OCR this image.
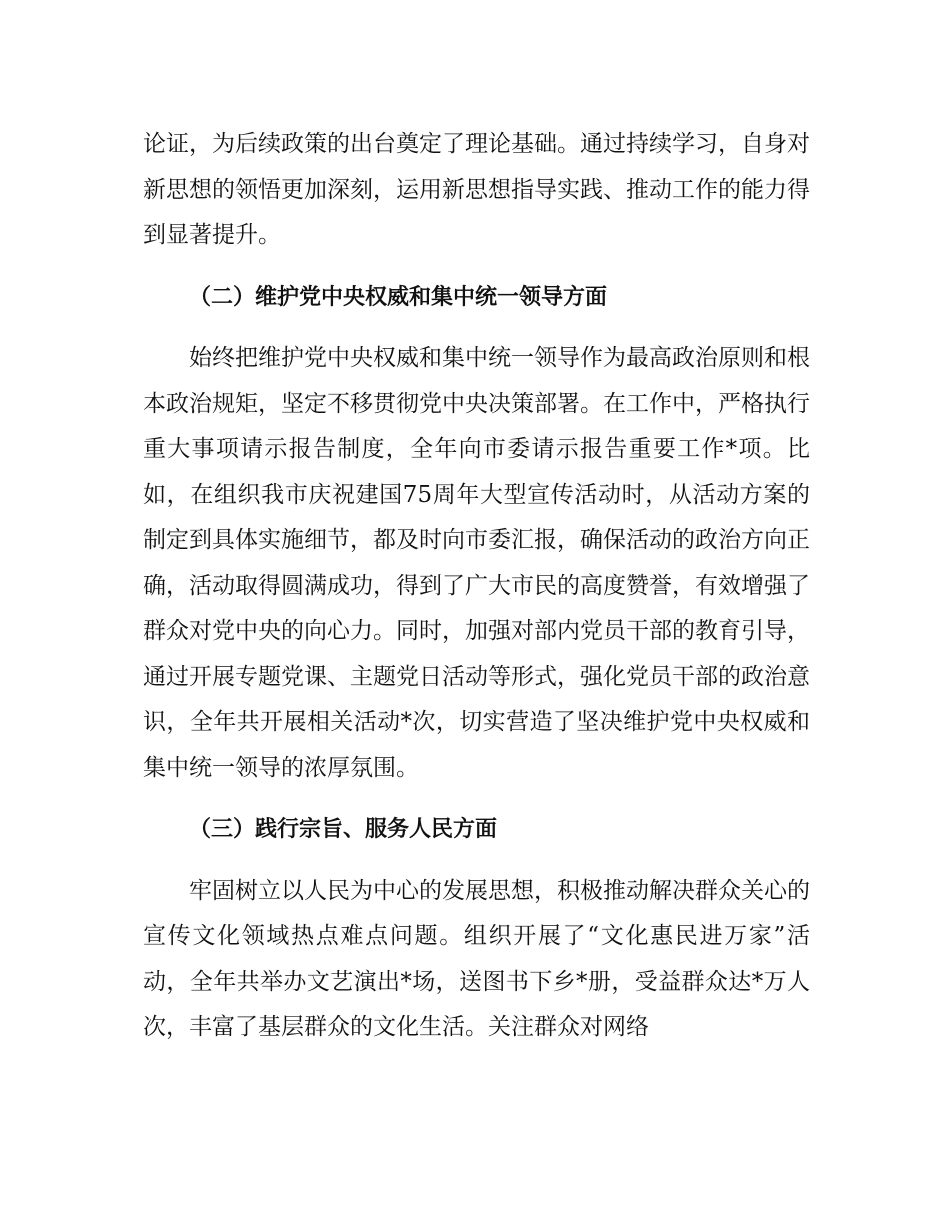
论证，为后续政策的出台奠定了理论基础。通过持续学习，自身对新思想的领悟更加深刻，运用新思想指导实践、推动工作的能力得到显著提升。

（二）维护党中央权威和集中统一领导方面

始终把维护党中央权威和集中统一领导作为最高政治原则和根本政治规矩，坚定不移贯彻党中央决策部署。在工作中，严格执行重大事项请示报告制度，全年向市委请示报告重要工作*项。比如，在组织我市庆祝建国75周年大型宣传活动时，从活动方案的制定到具体实施细节，都及时向市委汇报，确保活动的政治方向正确，活动取得圆满成功，得到了广大市民的高度赞誉，有效增强了群众对党中央的向心力。同时，加强对部内党员干部的教育引导，通过开展专题党课、主题党日活动等形式，强化党员干部的政治意识，全年共开展相关活动*次，切实营造了坚决维护党中央权威和集中统一领导的浓厚氛围。

（三）践行宗旨、服务人民方面

牢固树立以人民为中心的发展思想，积极推动解决群众关心的宣传文化领域热点难点问题。组织开展了“文化惠民进万家”活动，全年共举办文艺演出*场，送图书下乡*册，受益群众达*万人次，丰富了基层群众的文化生活。关注群众对网络
